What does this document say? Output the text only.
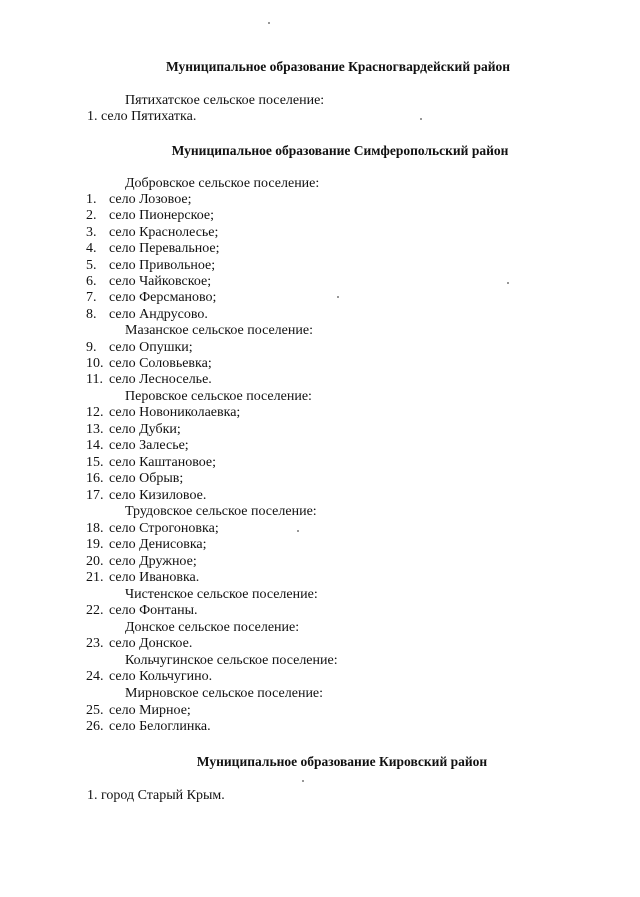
Муниципальное образование Красногвардейский район
Пятихатское сельское поселение:
1. село Пятихатка.
Муниципальное образование Симферопольский район
Добровское сельское поселение:
1. село Лозовое;
2. село Пионерское;
3. село Краснолесье;
4. село Перевальное;
5. село Привольное;
6. село Чайковское;
7. село Ферсманово;
8. село Андрусово.
Мазанское сельское поселение:
9. село Опушки;
10. село Соловьевка;
11. село Лесноселье.
Перовское сельское поселение:
12. село Новониколаевка;
13. село Дубки;
14. село Залесье;
15. село Каштановое;
16. село Обрыв;
17. село Кизиловое.
Трудовское сельское поселение:
18. село Строгоновка;
19. село Денисовка;
20. село Дружное;
21. село Ивановка.
Чистенское сельское поселение:
22. село Фонтаны.
Донское сельское поселение:
23. село Донское.
Кольчугинское сельское поселение:
24. село Кольчугино.
Мирновское сельское поселение:
25. село Мирное;
26. село Белоглинка.
Муниципальное образование Кировский район
1. город Старый Крым.
